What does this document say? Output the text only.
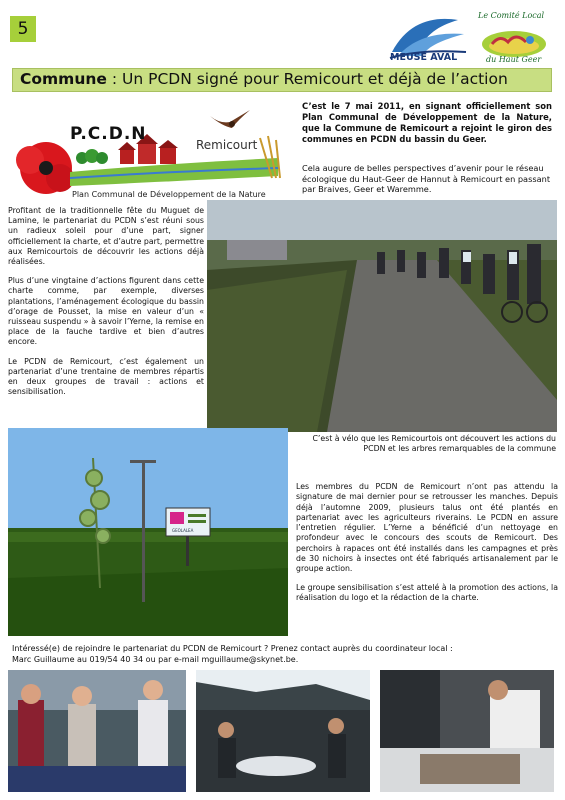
5
MEUSE AVAL
Le Comité Local
du Haut Geer
Commune : Un PCDN signé pour Remicourt et déjà de l’action
P.C.D.N
Remicourt
Plan Communal de Développement de la Nature
C’est le 7 mai 2011, en signant officiellement son Plan Communal de Développement de la Nature, que la Commune de Remicourt a rejoint le giron des communes en PCDN du bassin du Geer.
Cela augure de belles perspectives d’avenir pour le réseau écologique du Haut-Geer de Hannut à Remicourt en passant par Braives, Geer et Waremme.

Profitant de la traditionnelle fête du Muguet de Lamine, le partenariat du PCDN s’est réuni sous un radieux soleil pour d’une part, signer officiellement la charte, et d’autre part, permettre aux Remicourtois de découvrir les actions déjà réalisées.

Plus d’une vingtaine d’actions figurent dans cette charte comme, par exemple, diverses plantations, l’aménagement écologique du bassin d’orage de Pousset, la mise en valeur d’un « ruisseau suspendu » à savoir l’Yerne, la remise en place de la fauche tardive et bien d’autres encore.

Le PCDN de Remicourt, c’est également un partenariat d’une trentaine de membres répartis en deux groupes de travail : actions et sensibilisation.

C’est à vélo que les Remicourtois ont découvert les actions du PCDN et les arbres remarquables de la commune
GEOLALEA

Les membres du PCDN de Remicourt n’ont pas attendu la signature de mai dernier pour se retrousser les manches. Depuis déjà l’automne 2009, plusieurs talus ont été plantés en partenariat avec les agriculteurs riverains. Le PCDN en assure l’entretien régulier. L’Yerne a bénéficié d’un nettoyage en profondeur avec le concours des scouts de Remicourt. Des perchoirs à rapaces ont été installés dans les campagnes et près de 30 nichoirs à insectes ont été fabriqués artisanalement par le groupe action.

Le groupe sensibilisation s’est attelé à la promotion des actions, la réalisation du logo et la rédaction de la charte.

Intéressé(e) de rejoindre le partenariat du PCDN de Remicourt ? Prenez contact auprès du coordinateur local :
Marc Guillaume au 019/54 40 34 ou par e-mail mguillaume@skynet.be.
